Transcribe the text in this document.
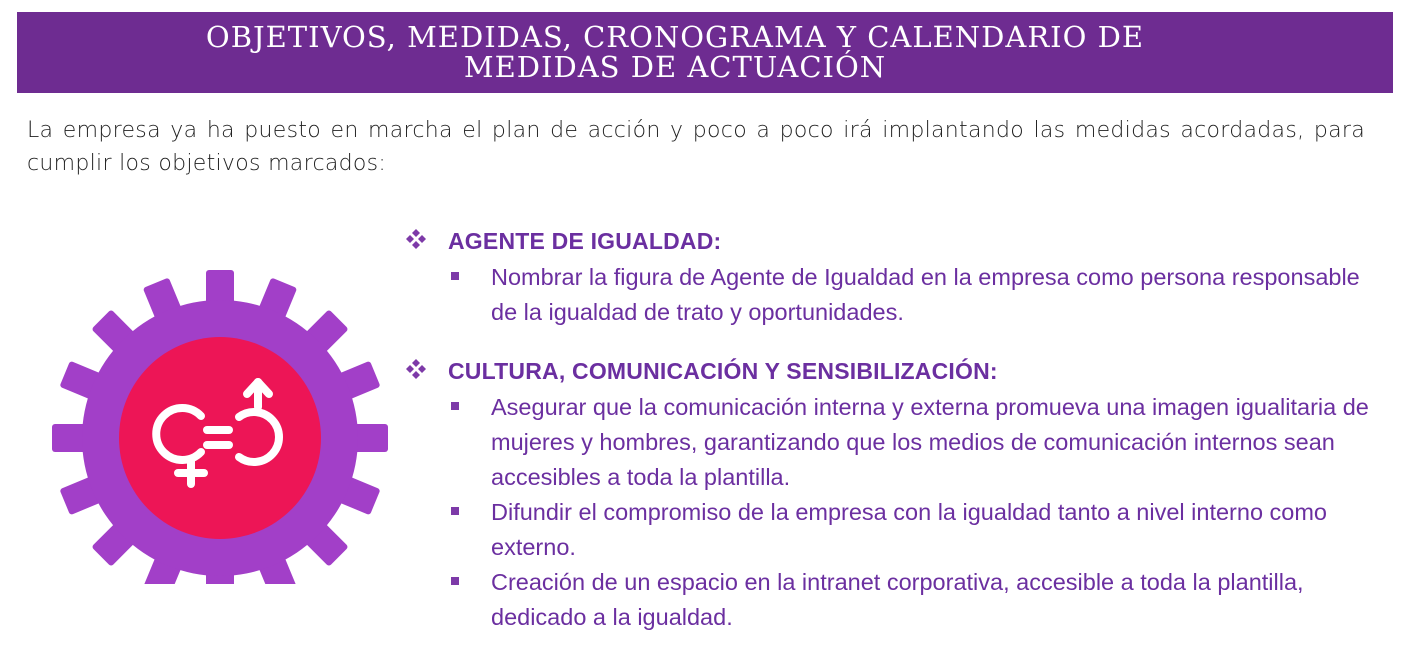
OBJETIVOS, MEDIDAS, CRONOGRAMA Y CALENDARIO DE
MEDIDAS DE ACTUACIÓN

La empresa ya ha puesto en marcha el plan de acción y poco a poco irá implantando las medidas acordadas, para cumplir los objetivos marcados:

AGENTE DE IGUALDAD:
Nombrar la figura de Agente de Igualdad en la empresa como persona responsable de la igualdad de trato y oportunidades.
CULTURA, COMUNICACIÓN Y SENSIBILIZACIÓN:
Asegurar que la comunicación interna y externa promueva una imagen igualitaria de mujeres y hombres, garantizando que los medios de comunicación internos sean accesibles a toda la plantilla.
Difundir el compromiso de la empresa con la igualdad tanto a nivel interno como externo.
Creación de un espacio en la intranet corporativa, accesible a toda la plantilla, dedicado a la igualdad.
